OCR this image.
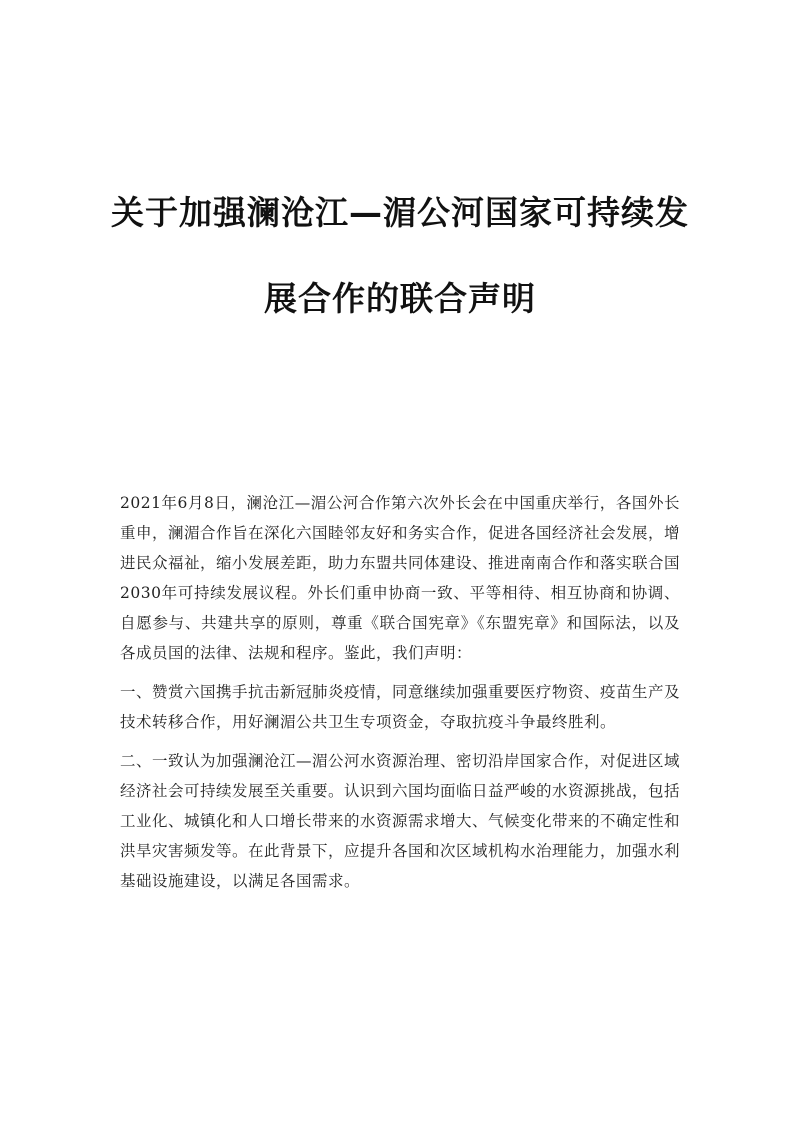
关于加强澜沧江—湄公河国家可持续发
展合作的联合声明

2021年6月8日，澜沧江—湄公河合作第六次外长会在中国重庆举行，各国外长重申，澜湄合作旨在深化六国睦邻友好和务实合作，促进各国经济社会发展，增进民众福祉，缩小发展差距，助力东盟共同体建设、推进南南合作和落实联合国2030年可持续发展议程。外长们重申协商一致、平等相待、相互协商和协调、自愿参与、共建共享的原则，尊重《联合国宪章》《东盟宪章》和国际法，以及各成员国的法律、法规和程序。鉴此，我们声明：

一、赞赏六国携手抗击新冠肺炎疫情，同意继续加强重要医疗物资、疫苗生产及技术转移合作，用好澜湄公共卫生专项资金，夺取抗疫斗争最终胜利。

二、一致认为加强澜沧江—湄公河水资源治理、密切沿岸国家合作，对促进区域经济社会可持续发展至关重要。认识到六国均面临日益严峻的水资源挑战，包括工业化、城镇化和人口增长带来的水资源需求增大、气候变化带来的不确定性和洪旱灾害频发等。在此背景下，应提升各国和次区域机构水治理能力，加强水利基础设施建设，以满足各国需求。
